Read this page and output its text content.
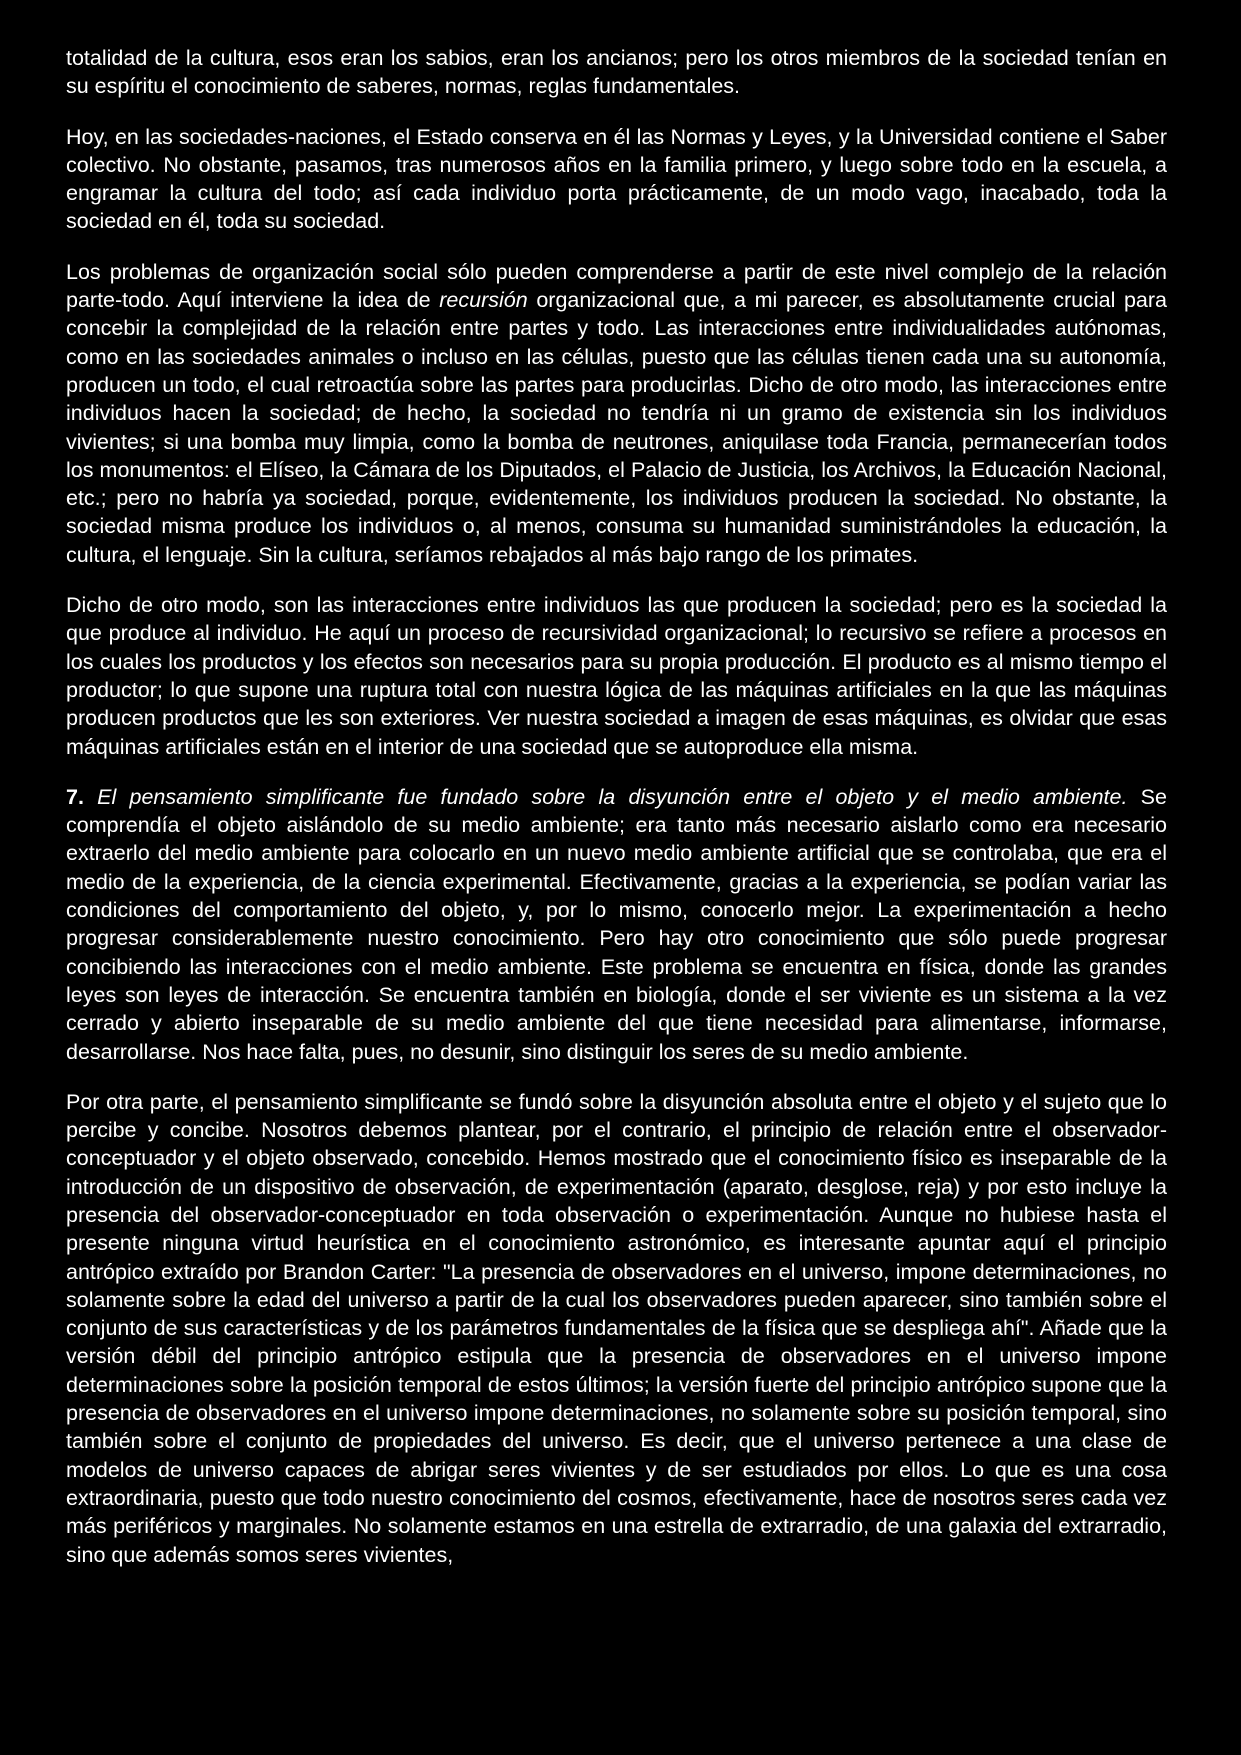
totalidad de la cultura, esos eran los sabios, eran los ancianos; pero los otros miembros de la sociedad tenían en su espíritu el conocimiento de saberes, normas, reglas fundamentales.

Hoy, en las sociedades-naciones, el Estado conserva en él las Normas y Leyes, y la Universidad contiene el Saber colectivo. No obstante, pasamos, tras numerosos años en la familia primero, y luego sobre todo en la escuela, a engramar la cultura del todo; así cada individuo porta prácticamente, de un modo vago, inacabado, toda la sociedad en él, toda su sociedad.

Los problemas de organización social sólo pueden comprenderse a partir de este nivel complejo de la relación parte-todo. Aquí interviene la idea de recursión organizacional que, a mi parecer, es absolutamente crucial para concebir la complejidad de la relación entre partes y todo. Las interacciones entre individualidades autónomas, como en las sociedades animales o incluso en las células, puesto que las células tienen cada una su autonomía, producen un todo, el cual retroactúa sobre las partes para producirlas. Dicho de otro modo, las interacciones entre individuos hacen la sociedad; de hecho, la sociedad no tendría ni un gramo de existencia sin los individuos vivientes; si una bomba muy limpia, como la bomba de neutrones, aniquilase toda Francia, permanecerían todos los monumentos: el Elíseo, la Cámara de los Diputados, el Palacio de Justicia, los Archivos, la Educación Nacional, etc.; pero no habría ya sociedad, porque, evidentemente, los individuos producen la sociedad. No obstante, la sociedad misma produce los individuos o, al menos, consuma su humanidad suministrándoles la educación, la cultura, el lenguaje. Sin la cultura, seríamos rebajados al más bajo rango de los primates.

Dicho de otro modo, son las interacciones entre individuos las que producen la sociedad; pero es la sociedad la que produce al individuo. He aquí un proceso de recursividad organizacional; lo recursivo se refiere a procesos en los cuales los productos y los efectos son necesarios para su propia producción. El producto es al mismo tiempo el productor; lo que supone una ruptura total con nuestra lógica de las máquinas artificiales en la que las máquinas producen productos que les son exteriores. Ver nuestra sociedad a imagen de esas máquinas, es olvidar que esas máquinas artificiales están en el interior de una sociedad que se autoproduce ella misma.

7. El pensamiento simplificante fue fundado sobre la disyunción entre el objeto y el medio ambiente. Se comprendía el objeto aislándolo de su medio ambiente; era tanto más necesario aislarlo como era necesario extraerlo del medio ambiente para colocarlo en un nuevo medio ambiente artificial que se controlaba, que era el medio de la experiencia, de la ciencia experimental. Efectivamente, gracias a la experiencia, se podían variar las condiciones del comportamiento del objeto, y, por lo mismo, conocerlo mejor. La experimentación a hecho progresar considerablemente nuestro conocimiento. Pero hay otro conocimiento que sólo puede progresar concibiendo las interacciones con el medio ambiente. Este problema se encuentra en física, donde las grandes leyes son leyes de interacción. Se encuentra también en biología, donde el ser viviente es un sistema a la vez cerrado y abierto inseparable de su medio ambiente del que tiene necesidad para alimentarse, informarse, desarrollarse. Nos hace falta, pues, no desunir, sino distinguir los seres de su medio ambiente.

Por otra parte, el pensamiento simplificante se fundó sobre la disyunción absoluta entre el objeto y el sujeto que lo percibe y concibe. Nosotros debemos plantear, por el contrario, el principio de relación entre el observador-conceptuador y el objeto observado, concebido. Hemos mostrado que el conocimiento físico es inseparable de la introducción de un dispositivo de observación, de experimentación (aparato, desglose, reja) y por esto incluye la presencia del observador-conceptuador en toda observación o experimentación. Aunque no hubiese hasta el presente ninguna virtud heurística en el conocimiento astronómico, es interesante apuntar aquí el principio antrópico extraído por Brandon Carter: "La presencia de observadores en el universo, impone determinaciones, no solamente sobre la edad del universo a partir de la cual los observadores pueden aparecer, sino también sobre el conjunto de sus características y de los parámetros fundamentales de la física que se despliega ahí". Añade que la versión débil del principio antrópico estipula que la presencia de observadores en el universo impone determinaciones sobre la posición temporal de estos últimos; la versión fuerte del principio antrópico supone que la presencia de observadores en el universo impone determinaciones, no solamente sobre su posición temporal, sino también sobre el conjunto de propiedades del universo. Es decir, que el universo pertenece a una clase de modelos de universo capaces de abrigar seres vivientes y de ser estudiados por ellos. Lo que es una cosa extraordinaria, puesto que todo nuestro conocimiento del cosmos, efectivamente, hace de nosotros seres cada vez más periféricos y marginales. No solamente estamos en una estrella de extrarradio, de una galaxia del extrarradio, sino que además somos seres vivientes,
